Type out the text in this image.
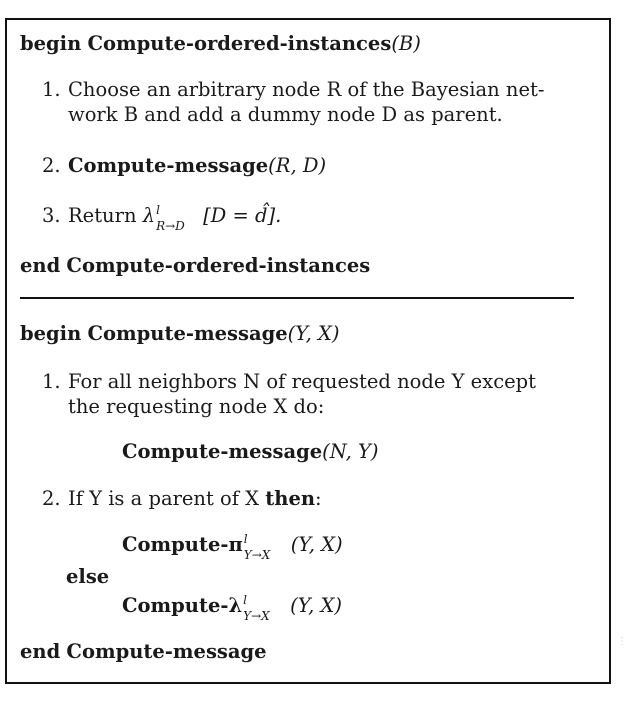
begin Compute-ordered-instances(B)
1. Choose an arbitrary node R of the Bayesian net-
work B and add a dummy node D as parent.
2. Compute-message(R, D)
3. Return λ l
R→D [D = d̂].
end Compute-ordered-instances
begin Compute-message(Y, X)
1. For all neighbors N of requested node Y except
the requesting node X do:
Compute-message(N, Y)
2. If Y is a parent of X then:
Compute-π l
Y→X (Y, X)
else
Compute-λ l
Y→X (Y, X)
end Compute-message	⋮
